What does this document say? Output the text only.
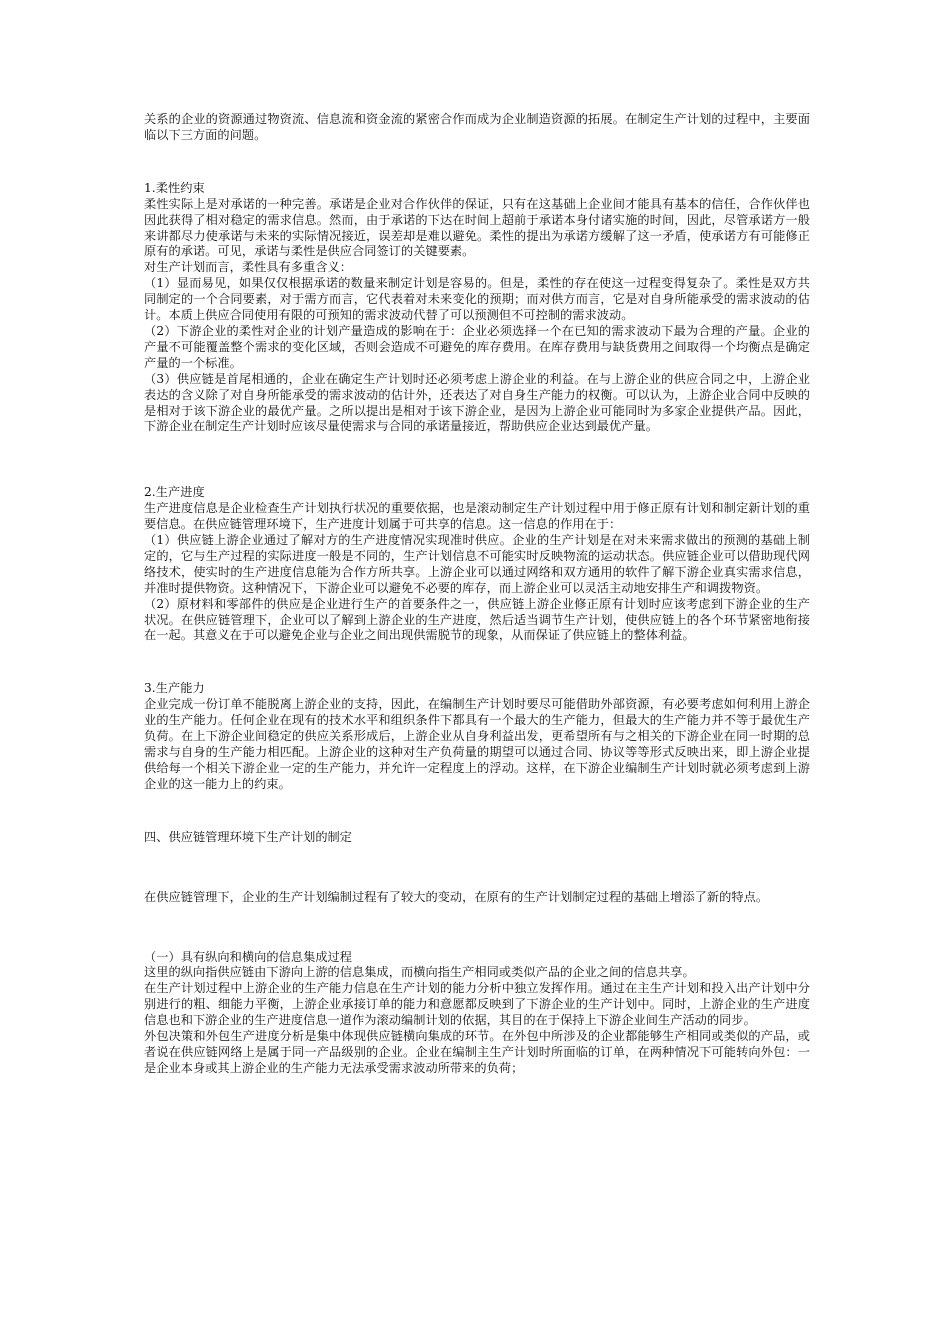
关系的企业的资源通过物资流、信息流和资金流的紧密合作而成为企业制造资源的拓展。在制定生产计划的过程中，主要面临以下三方面的问题。

1.柔性约束

柔性实际上是对承诺的一种完善。承诺是企业对合作伙伴的保证，只有在这基础上企业间才能具有基本的信任，合作伙伴也因此获得了相对稳定的需求信息。然而，由于承诺的下达在时间上超前于承诺本身付诸实施的时间，因此，尽管承诺方一般来讲都尽力使承诺与未来的实际情况接近，误差却是难以避免。柔性的提出为承诺方缓解了这一矛盾，使承诺方有可能修正原有的承诺。可见，承诺与柔性是供应合同签订的关键要素。

对生产计划而言，柔性具有多重含义：

（1）显而易见，如果仅仅根据承诺的数量来制定计划是容易的。但是，柔性的存在使这一过程变得复杂了。柔性是双方共同制定的一个合同要素，对于需方而言，它代表着对未来变化的预期；而对供方而言，它是对自身所能承受的需求波动的估计。本质上供应合同使用有限的可预知的需求波动代替了可以预测但不可控制的需求波动。

（2）下游企业的柔性对企业的计划产量造成的影响在于：企业必须选择一个在已知的需求波动下最为合理的产量。企业的产量不可能覆盖整个需求的变化区域，否则会造成不可避免的库存费用。在库存费用与缺货费用之间取得一个均衡点是确定产量的一个标准。

（3）供应链是首尾相通的，企业在确定生产计划时还必须考虑上游企业的利益。在与上游企业的供应合同之中，上游企业表达的含义除了对自身所能承受的需求波动的估计外，还表达了对自身生产能力的权衡。可以认为，上游企业合同中反映的是相对于该下游企业的最优产量。之所以提出是相对于该下游企业，是因为上游企业可能同时为多家企业提供产品。因此，下游企业在制定生产计划时应该尽量使需求与合同的承诺量接近，帮助供应企业达到最优产量。

2.生产进度

生产进度信息是企业检查生产计划执行状况的重要依据，也是滚动制定生产计划过程中用于修正原有计划和制定新计划的重要信息。在供应链管理环境下，生产进度计划属于可共享的信息。这一信息的作用在于：

（1）供应链上游企业通过了解对方的生产进度情况实现准时供应。企业的生产计划是在对未来需求做出的预测的基础上制定的，它与生产过程的实际进度一般是不同的，生产计划信息不可能实时反映物流的运动状态。供应链企业可以借助现代网络技术，使实时的生产进度信息能为合作方所共享。上游企业可以通过网络和双方通用的软件了解下游企业真实需求信息，并准时提供物资。这种情况下，下游企业可以避免不必要的库存，而上游企业可以灵活主动地安排生产和调拨物资。

（2）原材料和零部件的供应是企业进行生产的首要条件之一，供应链上游企业修正原有计划时应该考虑到下游企业的生产状况。在供应链管理下，企业可以了解到上游企业的生产进度，然后适当调节生产计划，使供应链上的各个环节紧密地衔接在一起。其意义在于可以避免企业与企业之间出现供需脱节的现象，从而保证了供应链上的整体利益。

3.生产能力

企业完成一份订单不能脱离上游企业的支持，因此，在编制生产计划时要尽可能借助外部资源，有必要考虑如何利用上游企业的生产能力。任何企业在现有的技术水平和组织条件下都具有一个最大的生产能力，但最大的生产能力并不等于最优生产负荷。在上下游企业间稳定的供应关系形成后，上游企业从自身利益出发，更希望所有与之相关的下游企业在同一时期的总需求与自身的生产能力相匹配。上游企业的这种对生产负荷量的期望可以通过合同、协议等等形式反映出来，即上游企业提供给每一个相关下游企业一定的生产能力，并允许一定程度上的浮动。这样，在下游企业编制生产计划时就必须考虑到上游企业的这一能力上的约束。

四、供应链管理环境下生产计划的制定

在供应链管理下，企业的生产计划编制过程有了较大的变动，在原有的生产计划制定过程的基础上增添了新的特点。

（一）具有纵向和横向的信息集成过程

这里的纵向指供应链由下游向上游的信息集成，而横向指生产相同或类似产品的企业之间的信息共享。

在生产计划过程中上游企业的生产能力信息在生产计划的能力分析中独立发挥作用。通过在主生产计划和投入出产计划中分别进行的粗、细能力平衡，上游企业承接订单的能力和意愿都反映到了下游企业的生产计划中。同时，上游企业的生产进度信息也和下游企业的生产进度信息一道作为滚动编制计划的依据，其目的在于保持上下游企业间生产活动的同步。

外包决策和外包生产进度分析是集中体现供应链横向集成的环节。在外包中所涉及的企业都能够生产相同或类似的产品，或者说在供应链网络上是属于同一产品级别的企业。企业在编制主生产计划时所面临的订单，在两种情况下可能转向外包：一是企业本身或其上游企业的生产能力无法承受需求波动所带来的负荷；
